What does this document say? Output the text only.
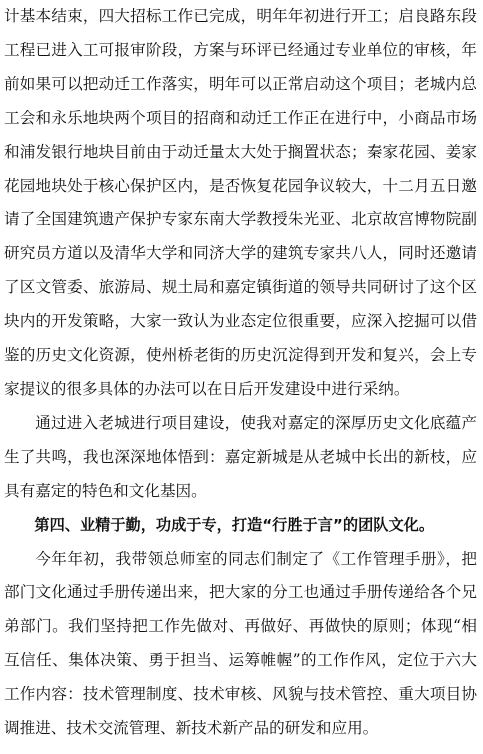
计基本结束，四大招标工作已完成，明年年初进行开工；启良路东段工程已进入工可报审阶段，方案与环评已经通过专业单位的审核，年前如果可以把动迁工作落实，明年可以正常启动这个项目；老城内总工会和永乐地块两个项目的招商和动迁工作正在进行中，小商品市场和浦发银行地块目前由于动迁量太大处于搁置状态；秦家花园、姜家花园地块处于核心保护区内，是否恢复花园争议较大，十二月五日邀请了全国建筑遗产保护专家东南大学教授朱光亚、北京故宫博物院副研究员方道以及清华大学和同济大学的建筑专家共八人，同时还邀请了区文管委、旅游局、规土局和嘉定镇街道的领导共同研讨了这个区块内的开发策略，大家一致认为业态定位很重要，应深入挖掘可以借鉴的历史文化资源，使州桥老街的历史沉淀得到开发和复兴，会上专家提议的很多具体的办法可以在日后开发建设中进行采纳。

通过进入老城进行项目建设，使我对嘉定的深厚历史文化底蕴产生了共鸣，我也深深地体悟到：嘉定新城是从老城中长出的新枝，应具有嘉定的特色和文化基因。

第四、业精于勤，功成于专，打造“行胜于言”的团队文化。

今年年初，我带领总师室的同志们制定了《工作管理手册》，把部门文化通过手册传递出来，把大家的分工也通过手册传递给各个兄弟部门。我们坚持把工作先做对、再做好、再做快的原则；体现“相互信任、集体决策、勇于担当、运筹帷幄”的工作作风，定位于六大工作内容：技术管理制度、技术审核、风貌与技术管控、重大项目协调推进、技术交流管理、新技术新产品的研发和应用。
